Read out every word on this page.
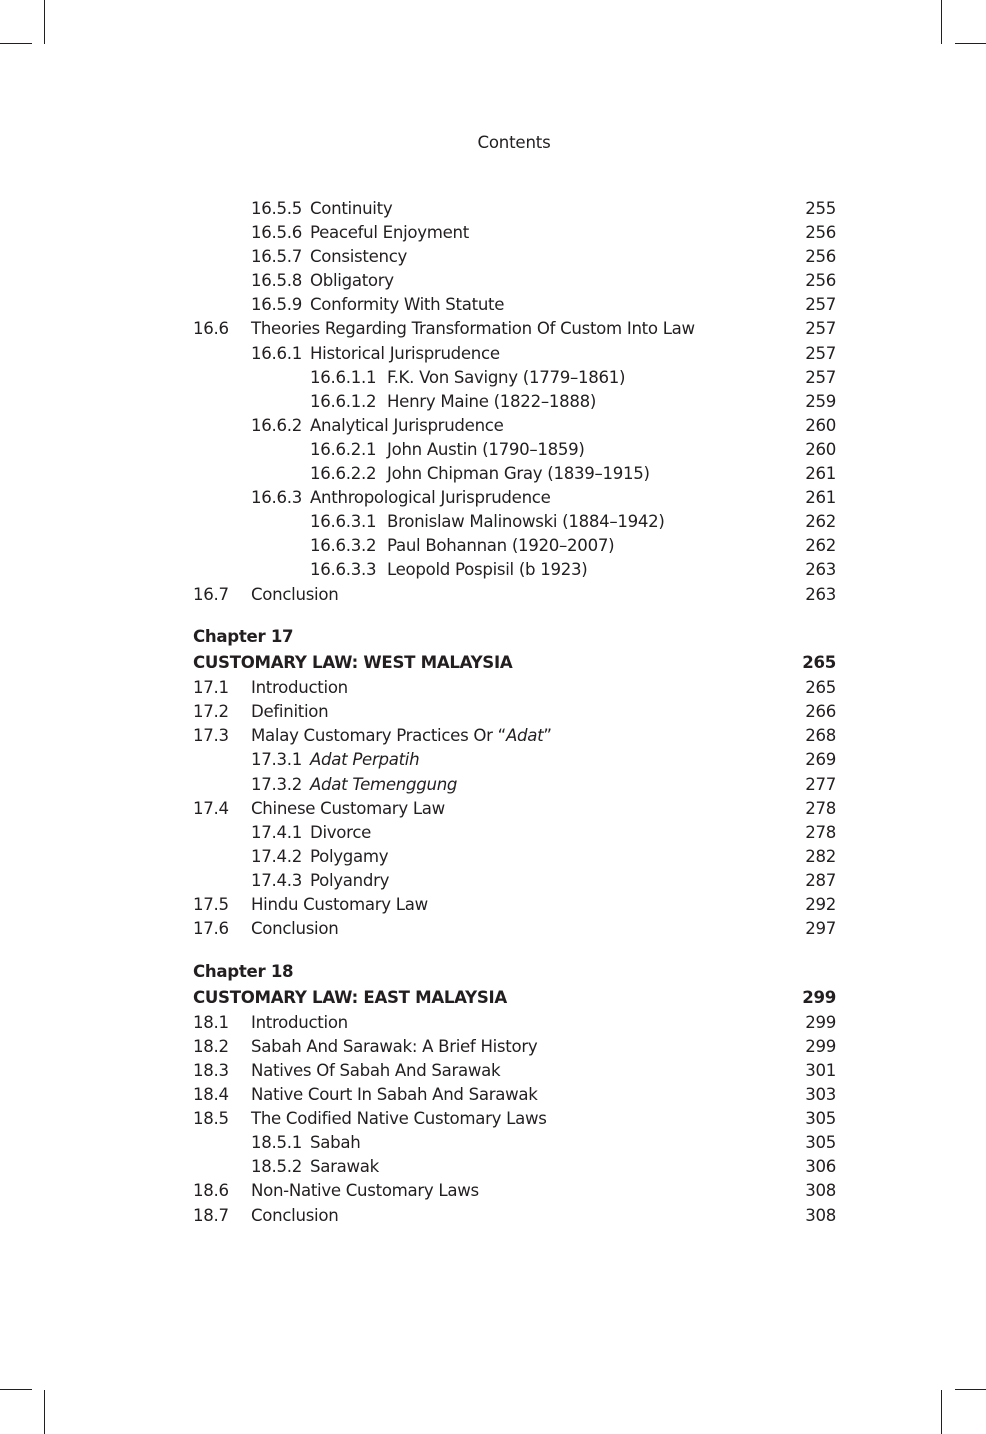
Contents
16.5.5 Continuity	255
16.5.6 Peaceful Enjoyment	256
16.5.7 Consistency	256
16.5.8 Obligatory	256
16.5.9 Conformity With Statute	257
16.6 Theories Regarding Transformation Of Custom Into Law	257
16.6.1 Historical Jurisprudence	257
16.6.1.1 F.K. Von Savigny (1779–1861)	257
16.6.1.2 Henry Maine (1822–1888)	259
16.6.2 Analytical Jurisprudence	260
16.6.2.1 John Austin (1790–1859)	260
16.6.2.2 John Chipman Gray (1839–1915)	261
16.6.3 Anthropological Jurisprudence	261
16.6.3.1 Bronislaw Malinowski (1884–1942)	262
16.6.3.2 Paul Bohannan (1920–2007)	262
16.6.3.3 Leopold Pospisil (b 1923)	263
16.7 Conclusion	263
Chapter 17
CUSTOMARY LAW: WEST MALAYSIA	265
17.1 Introduction	265
17.2 Definition	266
17.3 Malay Customary Practices Or “Adat”	268
17.3.1 Adat Perpatih	269
17.3.2 Adat Temenggung	277
17.4 Chinese Customary Law	278
17.4.1 Divorce	278
17.4.2 Polygamy	282
17.4.3 Polyandry	287
17.5 Hindu Customary Law	292
17.6 Conclusion	297
Chapter 18
CUSTOMARY LAW: EAST MALAYSIA	299
18.1 Introduction	299
18.2 Sabah And Sarawak: A Brief History	299
18.3 Natives Of Sabah And Sarawak	301
18.4 Native Court In Sabah And Sarawak	303
18.5 The Codified Native Customary Laws	305
18.5.1 Sabah	305
18.5.2 Sarawak	306
18.6 Non-Native Customary Laws	308
18.7 Conclusion	308
